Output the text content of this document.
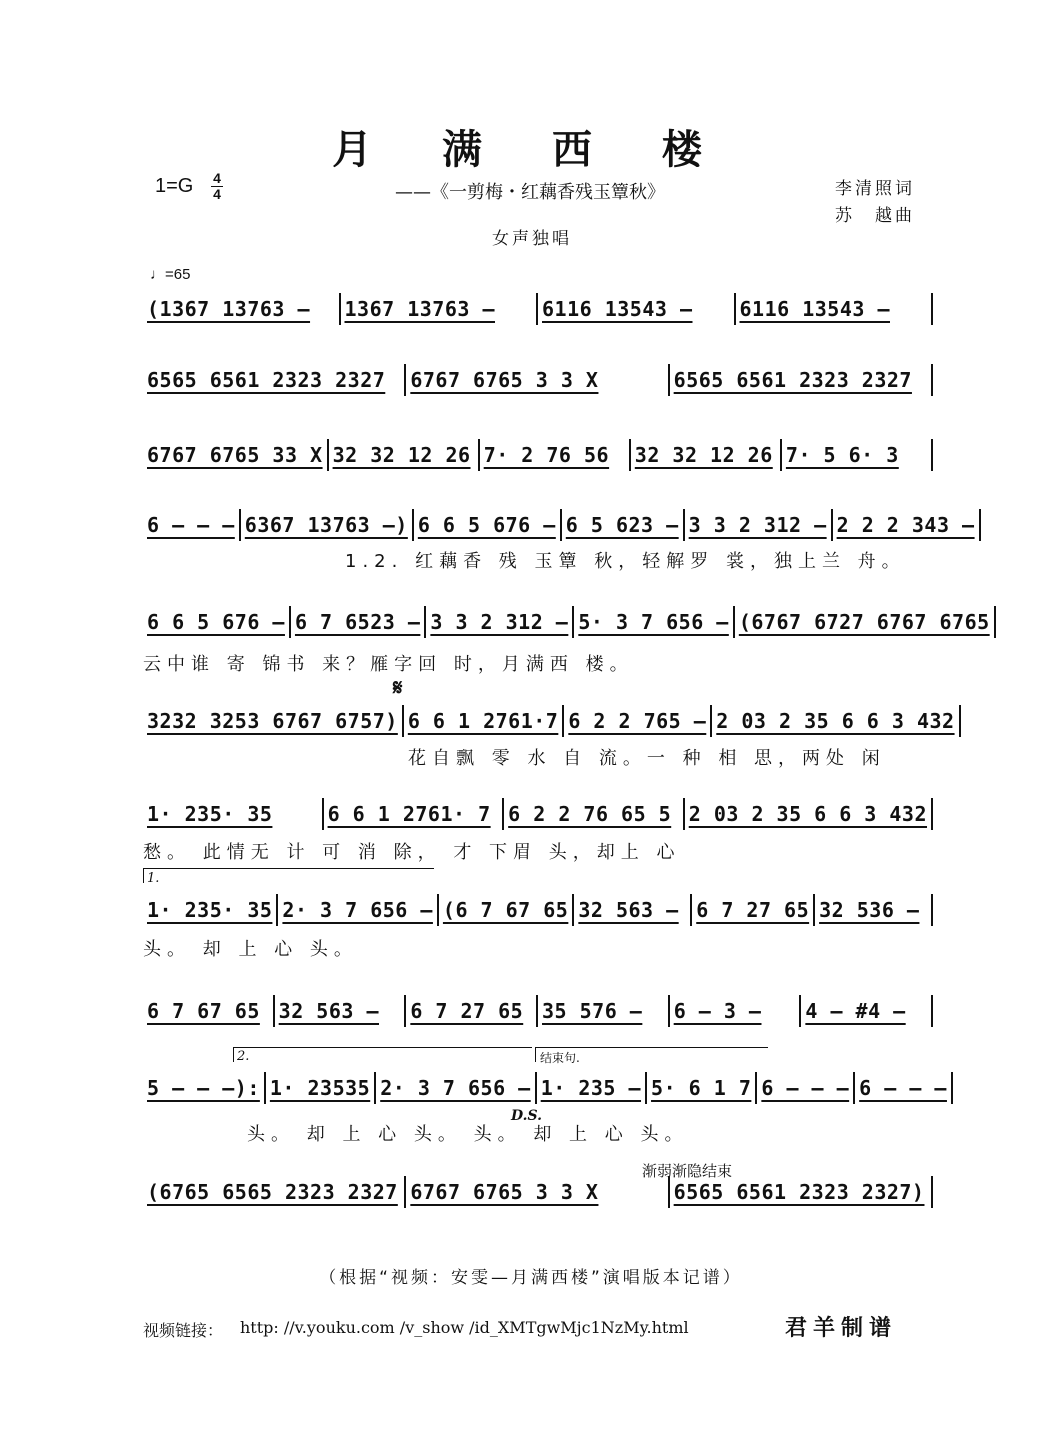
月 满 西 楼
1=G 4
4	——《一剪梅・红藕香残玉簟秋》	李清照词
苏　越曲
女声独唱
♩=65
(1367 13763 –	1367 13763 –	6116 13543 –	6116 13543 –
6565 6561 2323 2327	6767 6765 3 3 X	6565 6561 2323 2327
6767 6765 33 X 32 32 12 26 7· 2 76 56	32 32 12 26 7· 5 6· 3
6 – – – 6367 13763 –) 6 6 5 676 – 6 5 623 – 3 3 2 312 – 2 2 2 343 –
1.2. 红藕香 残 玉簟 秋，轻解罗 裳，独上兰 舟。
6 6 5 676 – 6 7 6523 – 3 3 2 312 – 5· 3 7 656 – (6767 6727 6767 6765
云中谁 寄 锦书 来？雁字回 时，月满西 楼。
𝄋
3232 3253 6767 6757) 6 6 1 2761·7 6 2 2 765 – 2 03 2 35 6 6 3 432
花自飘 零 水 自 流。一 种 相 思，两处 闲
1· 235· 35	6 6 1 2761· 7 6 2 2 76 65 5 2 03 2 35 6 6 3 432
愁。 此情无 计 可 消 除， 才 下眉 头，却上 心
1.
1· 235· 35 2· 3 7 656 – (6 7 67 65 32 563 – 6 7 27 65 32 536 –
头。 却 上 心 头。
6 7 67 65 32 563 –	6 7 27 65 35 576 –	6 – 3 –	4 – #4 –
2.	结束句.
5 – – –): 1· 23535 2· 3 7 656 – 1· 235 – 5· 6 1 7 6 – – – 6 – – –
D.S.
头。 却 上 心 头。 头。 却 上 心 头。
渐弱渐隐结束
(6765 6565 2323 2327 6767 6765 3 3 X	6565 6561 2323 2327)
（根据“视频：安雯—月满西楼”演唱版本记谱）
视频链接： http: //v.youku.com /v_show /id_XMTgwMjc1NzMy.html	君羊制谱
